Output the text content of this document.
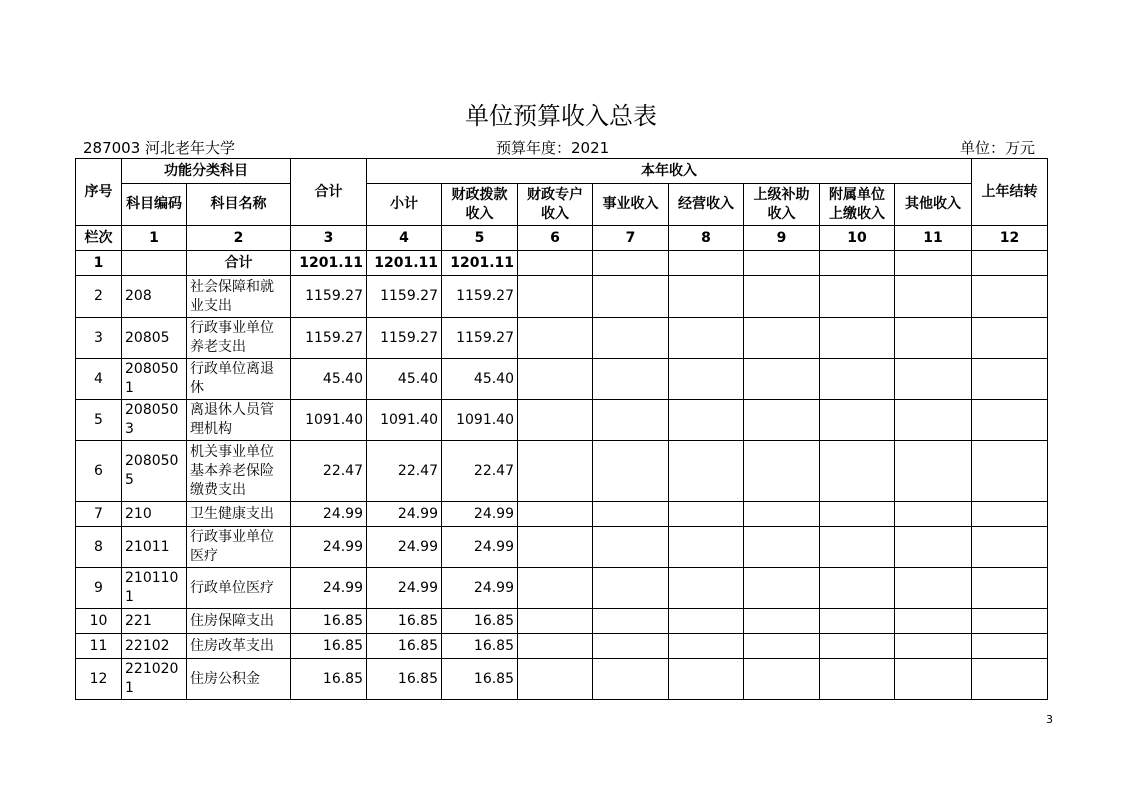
单位预算收入总表
287003 河北老年大学	预算年度：2021	单位：万元
序号	功能分类科目		合计	本年收入								上年结转
	科目编码	科目名称		小计	财政拨款收入	财政专户收入	事业收入	经营收入	上级补助收入	附属单位上缴收入	其他收入	
栏次	1	2	3	4	5	6	7	8	9	10	11	12
1		合计	1201.11	1201.11	1201.11							
2	208	社会保障和就业支出	1159.27	1159.27	1159.27							
3	20805	行政事业单位养老支出	1159.27	1159.27	1159.27							
4	2080501	行政单位离退休	45.40	45.40	45.40							
5	2080503	离退休人员管理机构	1091.40	1091.40	1091.40							
6	2080505	机关事业单位基本养老保险缴费支出	22.47	22.47	22.47							
7	210	卫生健康支出	24.99	24.99	24.99							
8	21011	行政事业单位医疗	24.99	24.99	24.99							
9	2101101	行政单位医疗	24.99	24.99	24.99							
10	221	住房保障支出	16.85	16.85	16.85							
11	22102	住房改革支出	16.85	16.85	16.85							
12	2210201	住房公积金	16.85	16.85	16.85							
3
